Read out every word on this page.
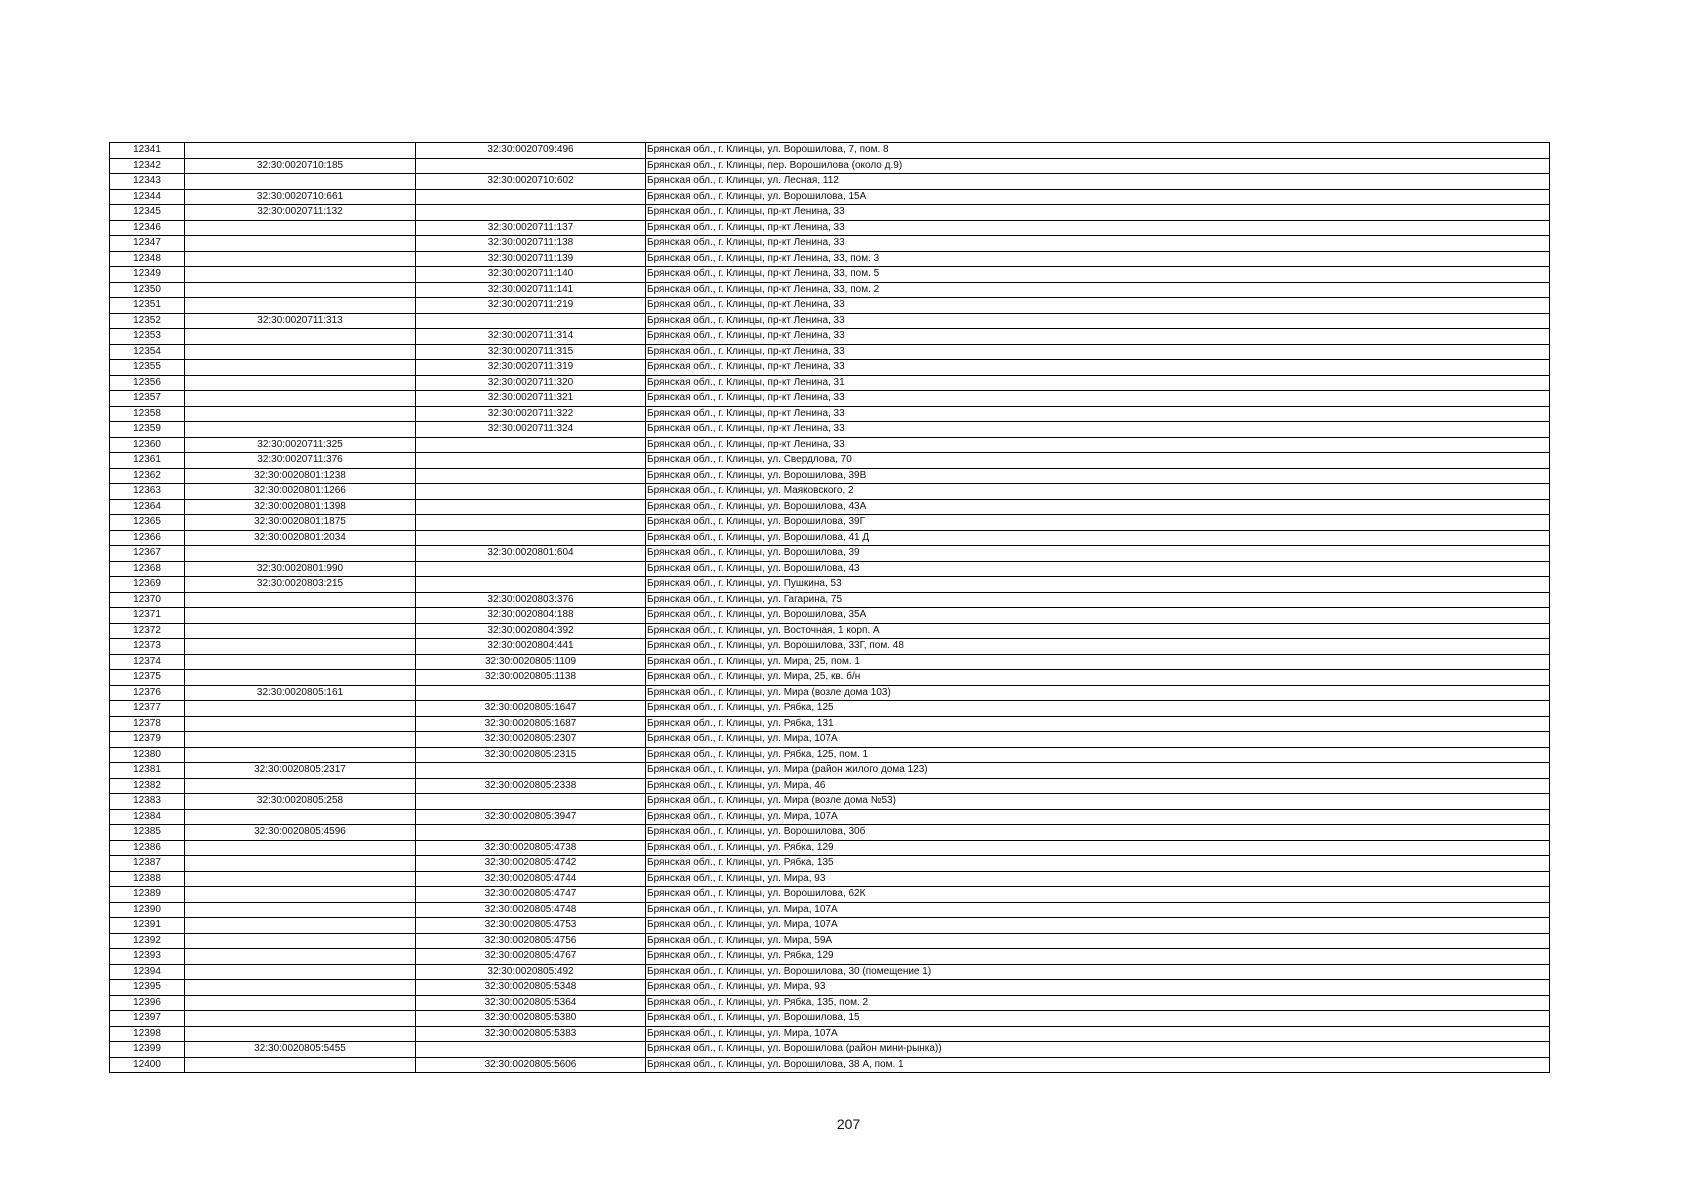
12341		32:30:0020709:496	Брянская обл., г. Клинцы, ул. Ворошилова, 7, пом. 8
12342	32:30:0020710:185		Брянская обл., г. Клинцы, пер. Ворошилова (около д.9)
12343		32:30:0020710:602	Брянская обл., г. Клинцы, ул. Лесная, 112
12344	32:30:0020710:661		Брянская обл., г. Клинцы, ул. Ворошилова, 15А
12345	32:30:0020711:132		Брянская обл., г. Клинцы, пр-кт Ленина, 33
12346		32:30:0020711:137	Брянская обл., г. Клинцы, пр-кт Ленина, 33
12347		32:30:0020711:138	Брянская обл., г. Клинцы, пр-кт Ленина, 33
12348		32:30:0020711:139	Брянская обл., г. Клинцы, пр-кт Ленина, 33, пом. 3
12349		32:30:0020711:140	Брянская обл., г. Клинцы, пр-кт Ленина, 33, пом. 5
12350		32:30:0020711:141	Брянская обл., г. Клинцы, пр-кт Ленина, 33, пом. 2
12351		32:30:0020711:219	Брянская обл., г. Клинцы, пр-кт Ленина, 33
12352	32:30:0020711:313		Брянская обл., г. Клинцы, пр-кт Ленина, 33
12353		32:30:0020711:314	Брянская обл., г. Клинцы, пр-кт Ленина, 33
12354		32:30:0020711:315	Брянская обл., г. Клинцы, пр-кт Ленина, 33
12355		32:30:0020711:319	Брянская обл., г. Клинцы, пр-кт Ленина, 33
12356		32:30:0020711:320	Брянская обл., г. Клинцы, пр-кт Ленина, 31
12357		32:30:0020711:321	Брянская обл., г. Клинцы, пр-кт Ленина, 33
12358		32:30:0020711:322	Брянская обл., г. Клинцы, пр-кт Ленина, 33
12359		32:30:0020711:324	Брянская обл., г. Клинцы, пр-кт Ленина, 33
12360	32:30:0020711:325		Брянская обл., г. Клинцы, пр-кт Ленина, 33
12361	32:30:0020711:376		Брянская обл., г. Клинцы, ул. Свердлова, 70
12362	32:30:0020801:1238		Брянская обл., г. Клинцы, ул. Ворошилова, 39В
12363	32:30:0020801:1266		Брянская обл., г. Клинцы, ул. Маяковского, 2
12364	32:30:0020801:1398		Брянская обл., г. Клинцы, ул. Ворошилова, 43А
12365	32:30:0020801:1875		Брянская обл., г. Клинцы, ул. Ворошилова, 39Г
12366	32:30:0020801:2034		Брянская обл., г. Клинцы, ул. Ворошилова, 41 Д
12367		32:30:0020801:604	Брянская обл., г. Клинцы, ул. Ворошилова, 39
12368	32:30:0020801:990		Брянская обл., г. Клинцы, ул. Ворошилова, 43
12369	32:30:0020803:215		Брянская обл., г. Клинцы, ул. Пушкина, 53
12370		32:30:0020803:376	Брянская обл., г. Клинцы, ул. Гагарина, 75
12371		32:30:0020804:188	Брянская обл., г. Клинцы, ул. Ворошилова, 35А
12372		32:30:0020804:392	Брянская обл., г. Клинцы, ул. Восточная, 1 корп. А
12373		32:30:0020804:441	Брянская обл., г. Клинцы, ул. Ворошилова, 33Г, пом. 48
12374		32:30:0020805:1109	Брянская обл., г. Клинцы, ул. Мира, 25, пом. 1
12375		32:30:0020805:1138	Брянская обл., г. Клинцы, ул. Мира, 25, кв. б/н
12376	32:30:0020805:161		Брянская обл., г. Клинцы, ул. Мира (возле дома 103)
12377		32:30:0020805:1647	Брянская обл., г. Клинцы, ул. Рябка, 125
12378		32:30:0020805:1687	Брянская обл., г. Клинцы, ул. Рябка, 131
12379		32:30:0020805:2307	Брянская обл., г. Клинцы, ул. Мира, 107А
12380		32:30:0020805:2315	Брянская обл., г. Клинцы, ул. Рябка, 125, пом. 1
12381	32:30:0020805:2317		Брянская обл., г. Клинцы, ул. Мира (район жилого дома 123)
12382		32:30:0020805:2338	Брянская обл., г. Клинцы, ул. Мира, 46
12383	32:30:0020805:258		Брянская обл., г. Клинцы, ул. Мира (возле дома №53)
12384		32:30:0020805:3947	Брянская обл., г. Клинцы, ул. Мира, 107А
12385	32:30:0020805:4596		Брянская обл., г. Клинцы, ул. Ворошилова, 30б
12386		32:30:0020805:4738	Брянская обл., г. Клинцы, ул. Рябка, 129
12387		32:30:0020805:4742	Брянская обл., г. Клинцы, ул. Рябка, 135
12388		32:30:0020805:4744	Брянская обл., г. Клинцы, ул. Мира, 93
12389		32:30:0020805:4747	Брянская обл., г. Клинцы, ул. Ворошилова, 62К
12390		32:30:0020805:4748	Брянская обл., г. Клинцы, ул. Мира, 107А
12391		32:30:0020805:4753	Брянская обл., г. Клинцы, ул. Мира, 107А
12392		32:30:0020805:4756	Брянская обл., г. Клинцы, ул. Мира, 59А
12393		32:30:0020805:4767	Брянская обл., г. Клинцы, ул. Рябка, 129
12394		32:30:0020805:492	Брянская обл., г. Клинцы, ул. Ворошилова, 30 (помещение 1)
12395		32:30:0020805:5348	Брянская обл., г. Клинцы, ул. Мира, 93
12396		32:30:0020805:5364	Брянская обл., г. Клинцы, ул. Рябка, 135, пом. 2
12397		32:30:0020805:5380	Брянская обл., г. Клинцы, ул. Ворошилова, 15
12398		32:30:0020805:5383	Брянская обл., г. Клинцы, ул. Мира, 107А
12399	32:30:0020805:5455		Брянская обл., г. Клинцы, ул. Ворошилова (район мини-рынка))
12400		32:30:0020805:5606	Брянская обл., г. Клинцы, ул. Ворошилова, 38 А, пом. 1
207
